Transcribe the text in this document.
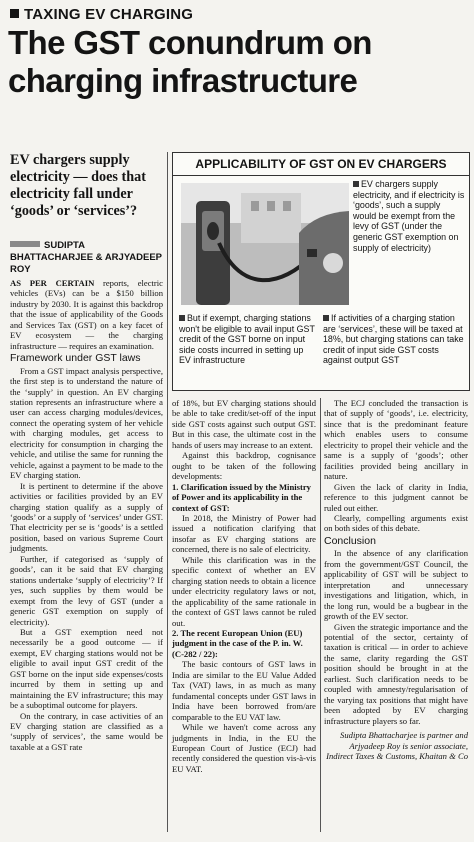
TAXING EV CHARGING
The GST conundrum on charging infrastructure
EV chargers supply electricity — does that electricity fall under ‘goods’ or ‘services’?
SUDIPTA BHATTACHARJEE & ARJYADEEP ROY

AS PER CERTAIN reports, electric vehicles (EVs) can be a $150 billion industry by 2030. It is against this backdrop that the issue of applicability of the Goods and Services Tax (GST) on a key facet of EV ecosystem — the charging infrastructure — requires an examination.

Framework under GST laws

From a GST impact analysis perspective, the first step is to understand the nature of the ‘supply’ in question. An EV charging station represents an infrastructure where a user can access charging modules/devices, connect the operating system of her vehicle with charging modules, get access to electricity for consumption in charging the vehicle, and utilise the same for running the vehicle, against a payment to be made to the EV charging station.

It is pertinent to determine if the above activities or facilities provided by an EV charging station qualify as a supply of ‘goods’ or a supply of ‘services’ under GST. That electricity per se is ‘goods’ is a settled position, based on various Supreme Court judgments.

Further, if categorised as ‘supply of goods’, can it be said that EV charging stations undertake ‘supply of electricity’? If yes, such supplies by them would be exempt from the levy of GST (under a generic GST exemption on supply of electricity).

But a GST exemption need not necessarily be a good outcome — if exempt, EV charging stations would not be eligible to avail input GST credit of the GST borne on the input side expenses/costs incurred by them in setting up and maintaining the EV infrastructure; this may be a suboptimal outcome for players.

On the contrary, in case activities of an EV charging station are classified as a ‘supply of services’, the same would be taxable at a GST rate

APPLICABILITY OF GST ON EV CHARGERS
EV chargers supply electricity, and if electricity is ‘goods’, such a supply would be exempt from the levy of GST (under the generic GST exemption on supply of electricity)
But if exempt, charging stations won't be eligible to avail input GST credit of the GST borne on input side costs incurred in setting up EV infrastructure
If activities of a charging station are ‘services’, these will be taxed at 18%, but charging stations can take credit of input side GST costs against output GST

of 18%, but EV charging stations should be able to take credit/set-off of the input side GST costs against such output GST. But in this case, the ultimate cost in the hands of users may increase to an extent.

Against this backdrop, cognisance ought to be taken of the following developments:

1. Clarification issued by the Ministry of Power and its applicability in the context of GST:

In 2018, the Ministry of Power had issued a notification clarifying that insofar as EV charging stations are concerned, there is no sale of electricity.

While this clarification was in the specific context of whether an EV charging station needs to obtain a licence under electricity regulatory laws or not, the applicability of the same rationale in the context of GST laws cannot be ruled out.

2. The recent European Union (EU) judgment in the case of the P. in. W. (C-282 / 22):

The basic contours of GST laws in India are similar to the EU Value Added Tax (VAT) laws, in as much as many fundamental concepts under GST laws in India have been borrowed from/are comparable to the EU VAT law.

While we haven't come across any judgments in India, in the EU the European Court of Justice (ECJ) had recently considered the question vis-à-vis EU VAT.

The ECJ concluded the transaction is that of supply of ‘goods’, i.e. electricity, since that is the predominant feature which enables users to consume electricity to propel their vehicle and the same is a supply of ‘goods’; other facilities provided being ancillary in nature.

Given the lack of clarity in India, reference to this judgment cannot be ruled out either.

Clearly, compelling arguments exist on both sides of this debate.

Conclusion

In the absence of any clarification from the government/GST Council, the applicability of GST will be subject to interpretation and unnecessary investigations and litigation, which, in the long run, would be a bugbear in the growth of the EV sector.

Given the strategic importance and the potential of the sector, certainty of taxation is critical — in order to achieve the same, clarity regarding the GST position should be brought in at the earliest. Such clarification needs to be coupled with amnesty/regularisation of the varying tax positions that might have been adopted by EV charging infrastructure players so far.

Sudipta Bhattacharjee is partner and Arjyadeep Roy is senior associate, Indirect Taxes & Customs, Khaitan & Co
